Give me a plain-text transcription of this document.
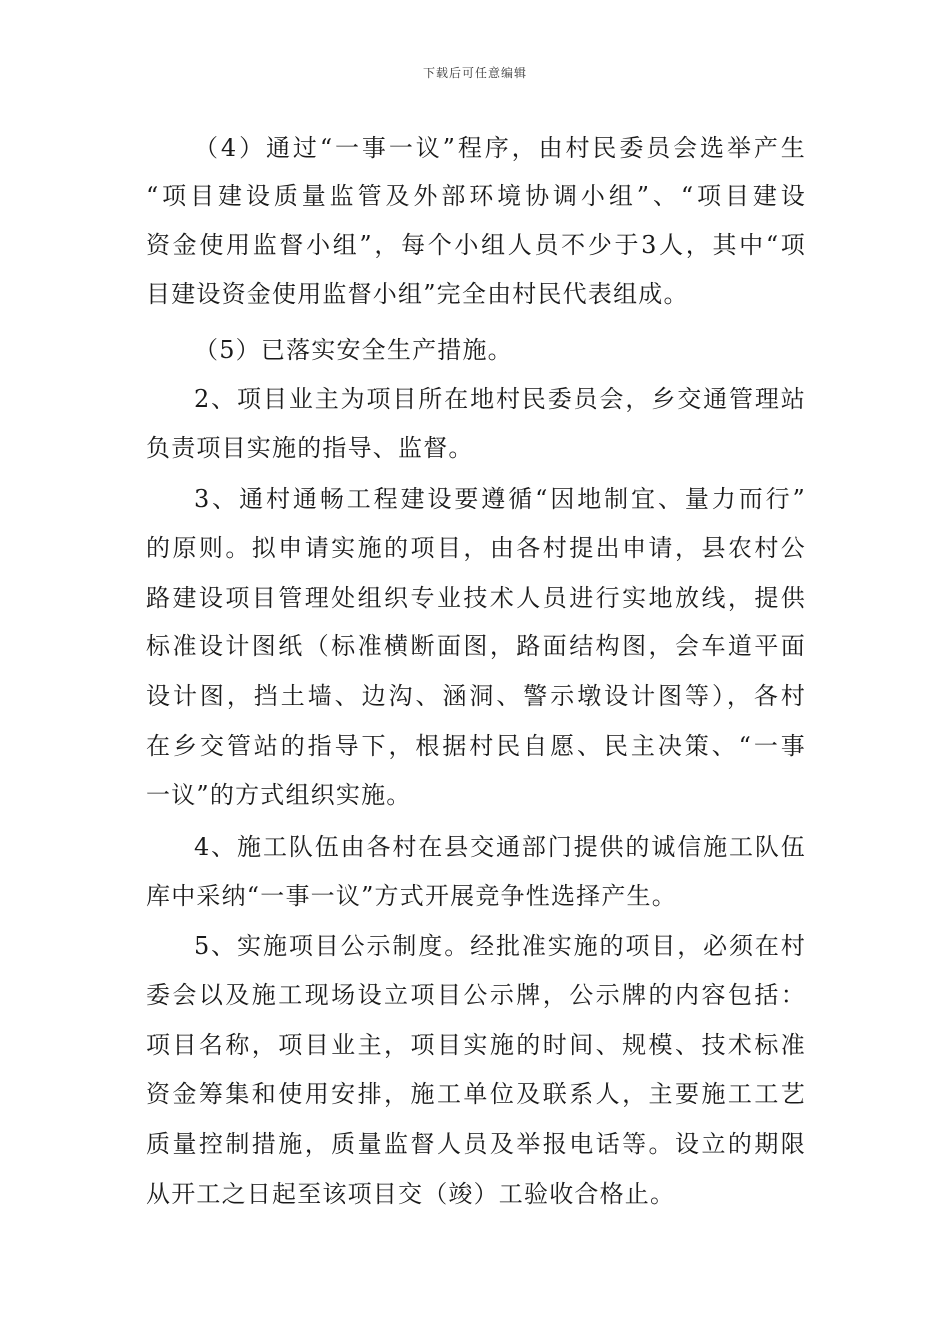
下载后可任意编辑
（4）通过“一事一议”程序，由村民委员会选举产生
“项目建设质量监管及外部环境协调小组”、“项目建设
资金使用监督小组”，每个小组人员不少于3人，其中“项
目建设资金使用监督小组”完全由村民代表组成。
（5）已落实安全生产措施。
2、项目业主为项目所在地村民委员会，乡交通管理站
负责项目实施的指导、监督。
3、通村通畅工程建设要遵循“因地制宜、量力而行”
的原则。拟申请实施的项目，由各村提出申请，县农村公
路建设项目管理处组织专业技术人员进行实地放线，提供
标准设计图纸（标准横断面图，路面结构图，会车道平面
设计图，挡土墙、边沟、涵洞、警示墩设计图等），各村
在乡交管站的指导下，根据村民自愿、民主决策、“一事
一议”的方式组织实施。
4、施工队伍由各村在县交通部门提供的诚信施工队伍
库中采纳“一事一议”方式开展竞争性选择产生。
5、实施项目公示制度。经批准实施的项目，必须在村
委会以及施工现场设立项目公示牌，公示牌的内容包括：
项目名称，项目业主，项目实施的时间、规模、技术标准
资金筹集和使用安排，施工单位及联系人，主要施工工艺
质量控制措施，质量监督人员及举报电话等。设立的期限
从开工之日起至该项目交（竣）工验收合格止。
